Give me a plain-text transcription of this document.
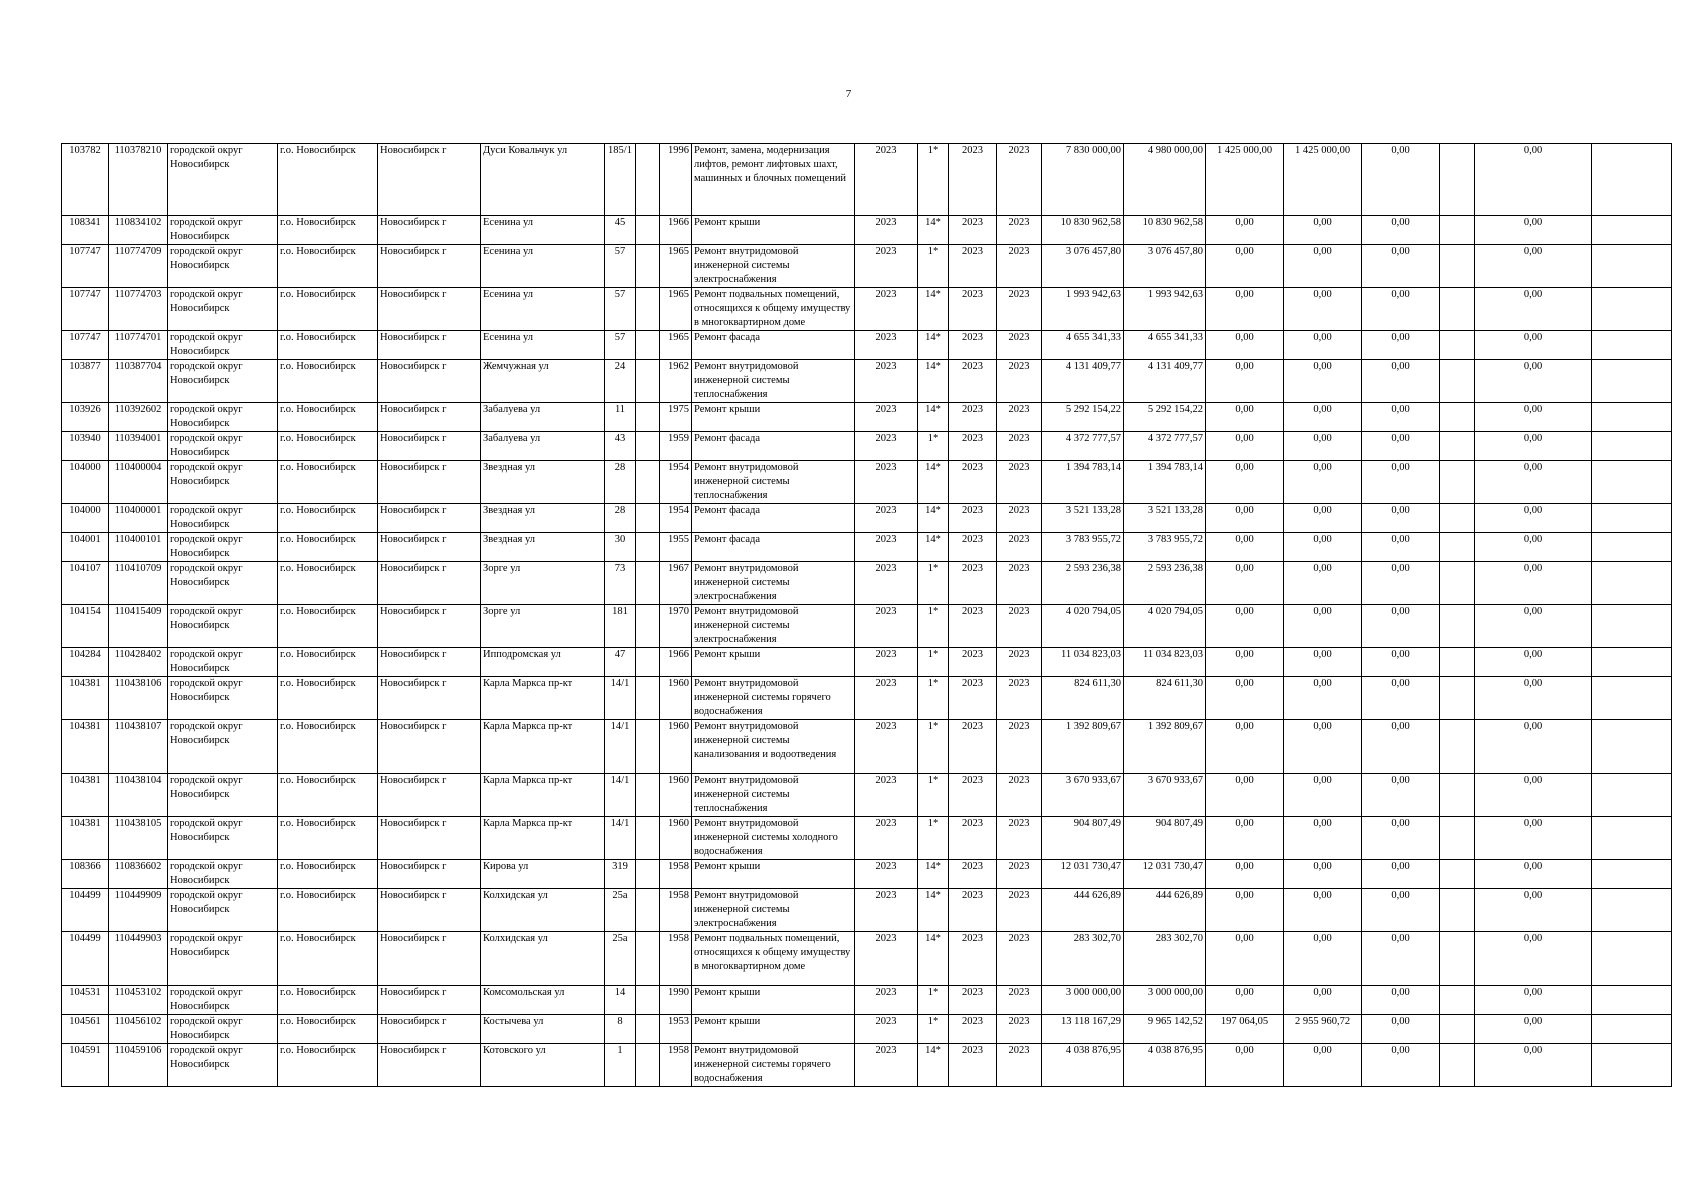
7
103782	110378210	городской округ Новосибирск	г.о. Новосибирск	Новосибирск г	Дуси Ковальчук ул	185/1		1996	Ремонт, замена, модернизация лифтов, ремонт лифтовых шахт, машинных и блочных помещений	2023	1*	2023	2023	7 830 000,00	4 980 000,00	1 425 000,00	1 425 000,00	0,00		0,00	
108341	110834102	городской округ Новосибирск	г.о. Новосибирск	Новосибирск г	Есенина ул	45		1966	Ремонт крыши	2023	14*	2023	2023	10 830 962,58	10 830 962,58	0,00	0,00	0,00		0,00	
107747	110774709	городской округ Новосибирск	г.о. Новосибирск	Новосибирск г	Есенина ул	57		1965	Ремонт внутридомовой инженерной системы электроснабжения	2023	1*	2023	2023	3 076 457,80	3 076 457,80	0,00	0,00	0,00		0,00	
107747	110774703	городской округ Новосибирск	г.о. Новосибирск	Новосибирск г	Есенина ул	57		1965	Ремонт подвальных помещений, относящихся к общему имуществу в многоквартирном доме	2023	14*	2023	2023	1 993 942,63	1 993 942,63	0,00	0,00	0,00		0,00	
107747	110774701	городской округ Новосибирск	г.о. Новосибирск	Новосибирск г	Есенина ул	57		1965	Ремонт фасада	2023	14*	2023	2023	4 655 341,33	4 655 341,33	0,00	0,00	0,00		0,00	
103877	110387704	городской округ Новосибирск	г.о. Новосибирск	Новосибирск г	Жемчужная ул	24		1962	Ремонт внутридомовой инженерной системы теплоснабжения	2023	14*	2023	2023	4 131 409,77	4 131 409,77	0,00	0,00	0,00		0,00	
103926	110392602	городской округ Новосибирск	г.о. Новосибирск	Новосибирск г	Забалуева ул	11		1975	Ремонт крыши	2023	14*	2023	2023	5 292 154,22	5 292 154,22	0,00	0,00	0,00		0,00	
103940	110394001	городской округ Новосибирск	г.о. Новосибирск	Новосибирск г	Забалуева ул	43		1959	Ремонт фасада	2023	1*	2023	2023	4 372 777,57	4 372 777,57	0,00	0,00	0,00		0,00	
104000	110400004	городской округ Новосибирск	г.о. Новосибирск	Новосибирск г	Звездная ул	28		1954	Ремонт внутридомовой инженерной системы теплоснабжения	2023	14*	2023	2023	1 394 783,14	1 394 783,14	0,00	0,00	0,00		0,00	
104000	110400001	городской округ Новосибирск	г.о. Новосибирск	Новосибирск г	Звездная ул	28		1954	Ремонт фасада	2023	14*	2023	2023	3 521 133,28	3 521 133,28	0,00	0,00	0,00		0,00	
104001	110400101	городской округ Новосибирск	г.о. Новосибирск	Новосибирск г	Звездная ул	30		1955	Ремонт фасада	2023	14*	2023	2023	3 783 955,72	3 783 955,72	0,00	0,00	0,00		0,00	
104107	110410709	городской округ Новосибирск	г.о. Новосибирск	Новосибирск г	Зорге ул	73		1967	Ремонт внутридомовой инженерной системы электроснабжения	2023	1*	2023	2023	2 593 236,38	2 593 236,38	0,00	0,00	0,00		0,00	
104154	110415409	городской округ Новосибирск	г.о. Новосибирск	Новосибирск г	Зорге ул	181		1970	Ремонт внутридомовой инженерной системы электроснабжения	2023	1*	2023	2023	4 020 794,05	4 020 794,05	0,00	0,00	0,00		0,00	
104284	110428402	городской округ Новосибирск	г.о. Новосибирск	Новосибирск г	Ипподромская ул	47		1966	Ремонт крыши	2023	1*	2023	2023	11 034 823,03	11 034 823,03	0,00	0,00	0,00		0,00	
104381	110438106	городской округ Новосибирск	г.о. Новосибирск	Новосибирск г	Карла Маркса пр-кт	14/1		1960	Ремонт внутридомовой инженерной системы горячего водоснабжения	2023	1*	2023	2023	824 611,30	824 611,30	0,00	0,00	0,00		0,00	
104381	110438107	городской округ Новосибирск	г.о. Новосибирск	Новосибирск г	Карла Маркса пр-кт	14/1		1960	Ремонт внутридомовой инженерной системы канализования и водоотведения	2023	1*	2023	2023	1 392 809,67	1 392 809,67	0,00	0,00	0,00		0,00	
104381	110438104	городской округ Новосибирск	г.о. Новосибирск	Новосибирск г	Карла Маркса пр-кт	14/1		1960	Ремонт внутридомовой инженерной системы теплоснабжения	2023	1*	2023	2023	3 670 933,67	3 670 933,67	0,00	0,00	0,00		0,00	
104381	110438105	городской округ Новосибирск	г.о. Новосибирск	Новосибирск г	Карла Маркса пр-кт	14/1		1960	Ремонт внутридомовой инженерной системы холодного водоснабжения	2023	1*	2023	2023	904 807,49	904 807,49	0,00	0,00	0,00		0,00	
108366	110836602	городской округ Новосибирск	г.о. Новосибирск	Новосибирск г	Кирова ул	319		1958	Ремонт крыши	2023	14*	2023	2023	12 031 730,47	12 031 730,47	0,00	0,00	0,00		0,00	
104499	110449909	городской округ Новосибирск	г.о. Новосибирск	Новосибирск г	Колхидская ул	25а		1958	Ремонт внутридомовой инженерной системы электроснабжения	2023	14*	2023	2023	444 626,89	444 626,89	0,00	0,00	0,00		0,00	
104499	110449903	городской округ Новосибирск	г.о. Новосибирск	Новосибирск г	Колхидская ул	25а		1958	Ремонт подвальных помещений, относящихся к общему имуществу в многоквартирном доме	2023	14*	2023	2023	283 302,70	283 302,70	0,00	0,00	0,00		0,00	
104531	110453102	городской округ Новосибирск	г.о. Новосибирск	Новосибирск г	Комсомольская ул	14		1990	Ремонт крыши	2023	1*	2023	2023	3 000 000,00	3 000 000,00	0,00	0,00	0,00		0,00	
104561	110456102	городской округ Новосибирск	г.о. Новосибирск	Новосибирск г	Костычева ул	8		1953	Ремонт крыши	2023	1*	2023	2023	13 118 167,29	9 965 142,52	197 064,05	2 955 960,72	0,00		0,00	
104591	110459106	городской округ Новосибирск	г.о. Новосибирск	Новосибирск г	Котовского ул	1		1958	Ремонт внутридомовой инженерной системы горячего водоснабжения	2023	14*	2023	2023	4 038 876,95	4 038 876,95	0,00	0,00	0,00		0,00	
